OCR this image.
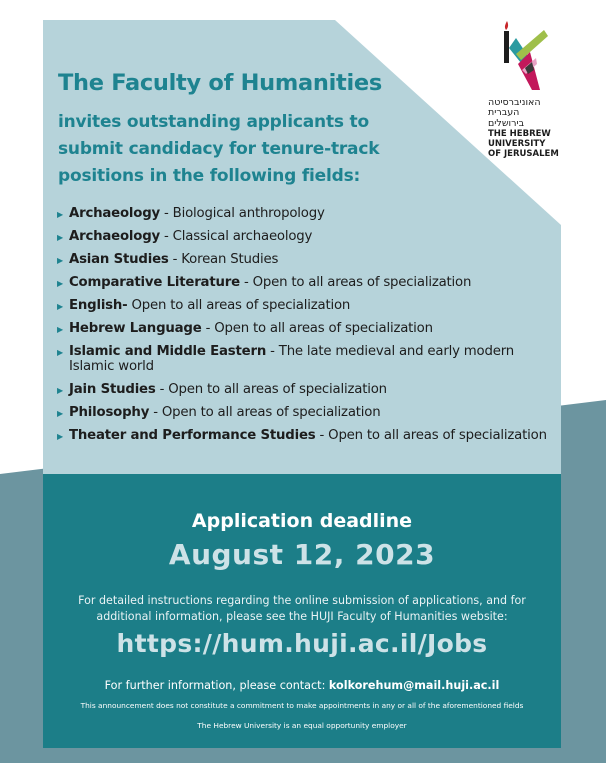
האוניברסיטה
העברית
בירושלים
THE HEBREW
UNIVERSITY
OF JERUSALEM
The Faculty of Humanities
invites outstanding applicants to
submit candidacy for tenure-track
positions in the following fields:
▶ Archaeology - Biological anthropology
▶ Archaeology - Classical archaeology
▶ Asian Studies - Korean Studies
▶ Comparative Literature - Open to all areas of specialization
▶ English- Open to all areas of specialization
▶ Hebrew Language - Open to all areas of specialization
▶ Islamic and Middle Eastern - The late medieval and early modern Islamic world
▶ Jain Studies - Open to all areas of specialization
▶ Philosophy - Open to all areas of specialization
▶ Theater and Performance Studies - Open to all areas of specialization
Application deadline
August 12, 2023
For detailed instructions regarding the online submission of applications, and for additional information, please see the HUJI Faculty of Humanities website:
https://hum.huji.ac.il/Jobs
For further information, please contact: kolkorehum@mail.huji.ac.il
This announcement does not constitute a commitment to make appointments in any or all of the aforementioned fields
The Hebrew University is an equal opportunity employer
